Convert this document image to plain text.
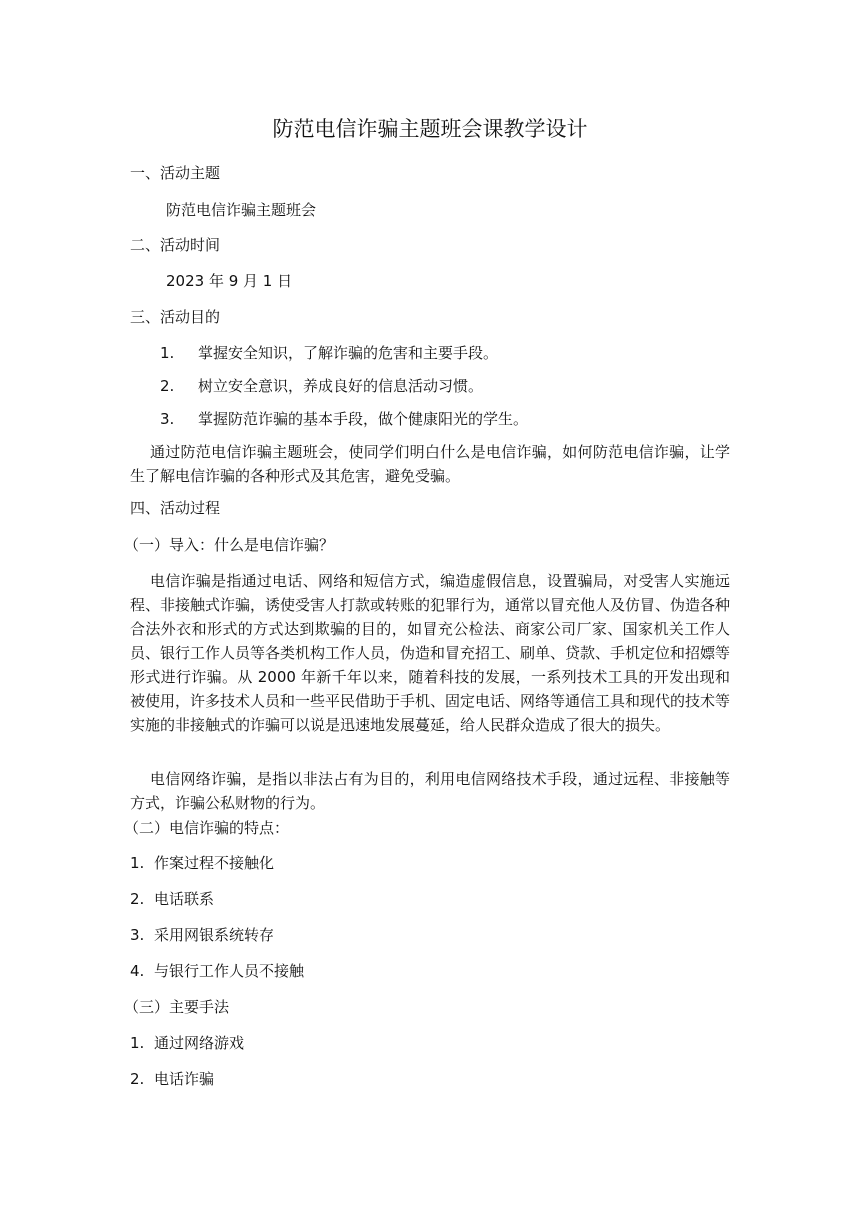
防范电信诈骗主题班会课教学设计
一、活动主题
防范电信诈骗主题班会
二、活动时间
2023 年 9 月 1 日
三、活动目的
1. 掌握安全知识，了解诈骗的危害和主要手段。
2. 树立安全意识，养成良好的信息活动习惯。
3. 掌握防范诈骗的基本手段，做个健康阳光的学生。
通过防范电信诈骗主题班会，使同学们明白什么是电信诈骗，如何防范电信诈骗，让学生了解电信诈骗的各种形式及其危害，避免受骗。
四、活动过程
（一）导入：什么是电信诈骗？
电信诈骗是指通过电话、网络和短信方式，编造虚假信息，设置骗局，对受害人实施远程、非接触式诈骗，诱使受害人打款或转账的犯罪行为，通常以冒充他人及仿冒、伪造各种合法外衣和形式的方式达到欺骗的目的，如冒充公检法、商家公司厂家、国家机关工作人员、银行工作人员等各类机构工作人员，伪造和冒充招工、刷单、贷款、手机定位和招嫖等形式进行诈骗。从 2000 年新千年以来，随着科技的发展，一系列技术工具的开发出现和被使用，许多技术人员和一些平民借助于手机、固定电话、网络等通信工具和现代的技术等实施的非接触式的诈骗可以说是迅速地发展蔓延，给人民群众造成了很大的损失。
电信网络诈骗，是指以非法占有为目的，利用电信网络技术手段，通过远程、非接触等方式，诈骗公私财物的行为。
（二）电信诈骗的特点：
1. 作案过程不接触化
2. 电话联系
3. 采用网银系统转存
4. 与银行工作人员不接触
（三）主要手法
1. 通过网络游戏
2. 电话诈骗
